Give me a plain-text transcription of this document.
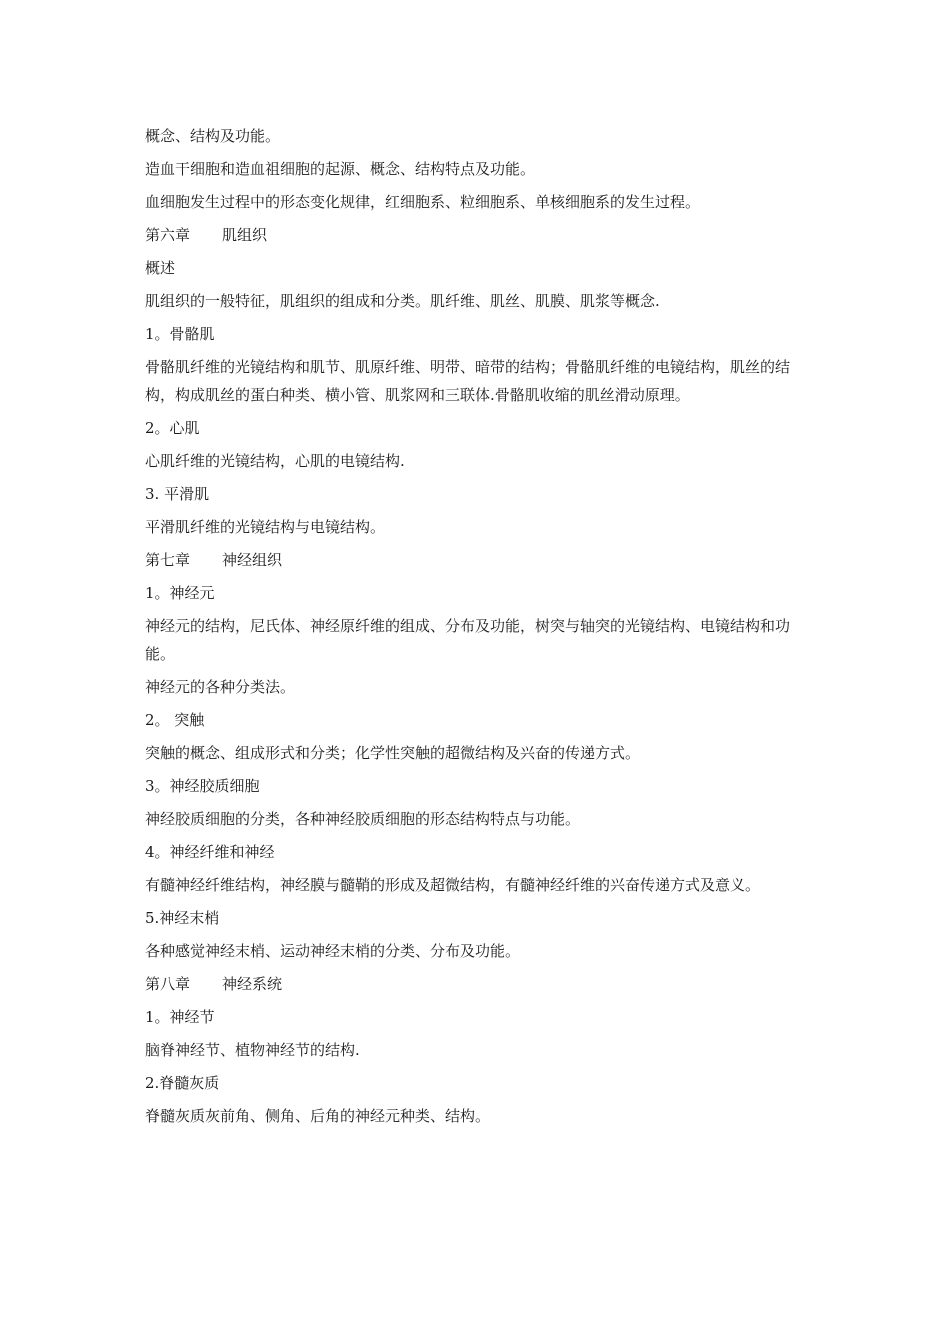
概念、结构及功能。
造血干细胞和造血祖细胞的起源、概念、结构特点及功能。
血细胞发生过程中的形态变化规律，红细胞系、粒细胞系、单核细胞系的发生过程。
第六章 肌组织
概述
肌组织的一般特征，肌组织的组成和分类。肌纤维、肌丝、肌膜、肌浆等概念.
1。骨骼肌
骨骼肌纤维的光镜结构和肌节、肌原纤维、明带、暗带的结构；骨骼肌纤维的电镜结构，肌丝的结构，构成肌丝的蛋白种类、横小管、肌浆网和三联体.骨骼肌收缩的肌丝滑动原理。
2。心肌
心肌纤维的光镜结构，心肌的电镜结构.
3. 平滑肌
平滑肌纤维的光镜结构与电镜结构。
第七章 神经组织
1。神经元
神经元的结构，尼氏体、神经原纤维的组成、分布及功能，树突与轴突的光镜结构、电镜结构和功能。
神经元的各种分类法。
2。 突触
突触的概念、组成形式和分类；化学性突触的超微结构及兴奋的传递方式。
3。神经胶质细胞
神经胶质细胞的分类，各种神经胶质细胞的形态结构特点与功能。
4。神经纤维和神经
有髓神经纤维结构，神经膜与髓鞘的形成及超微结构，有髓神经纤维的兴奋传递方式及意义。
5.神经末梢
各种感觉神经末梢、运动神经末梢的分类、分布及功能。
第八章 神经系统
1。神经节
脑脊神经节、植物神经节的结构.
2.脊髓灰质
脊髓灰质灰前角、侧角、后角的神经元种类、结构。
